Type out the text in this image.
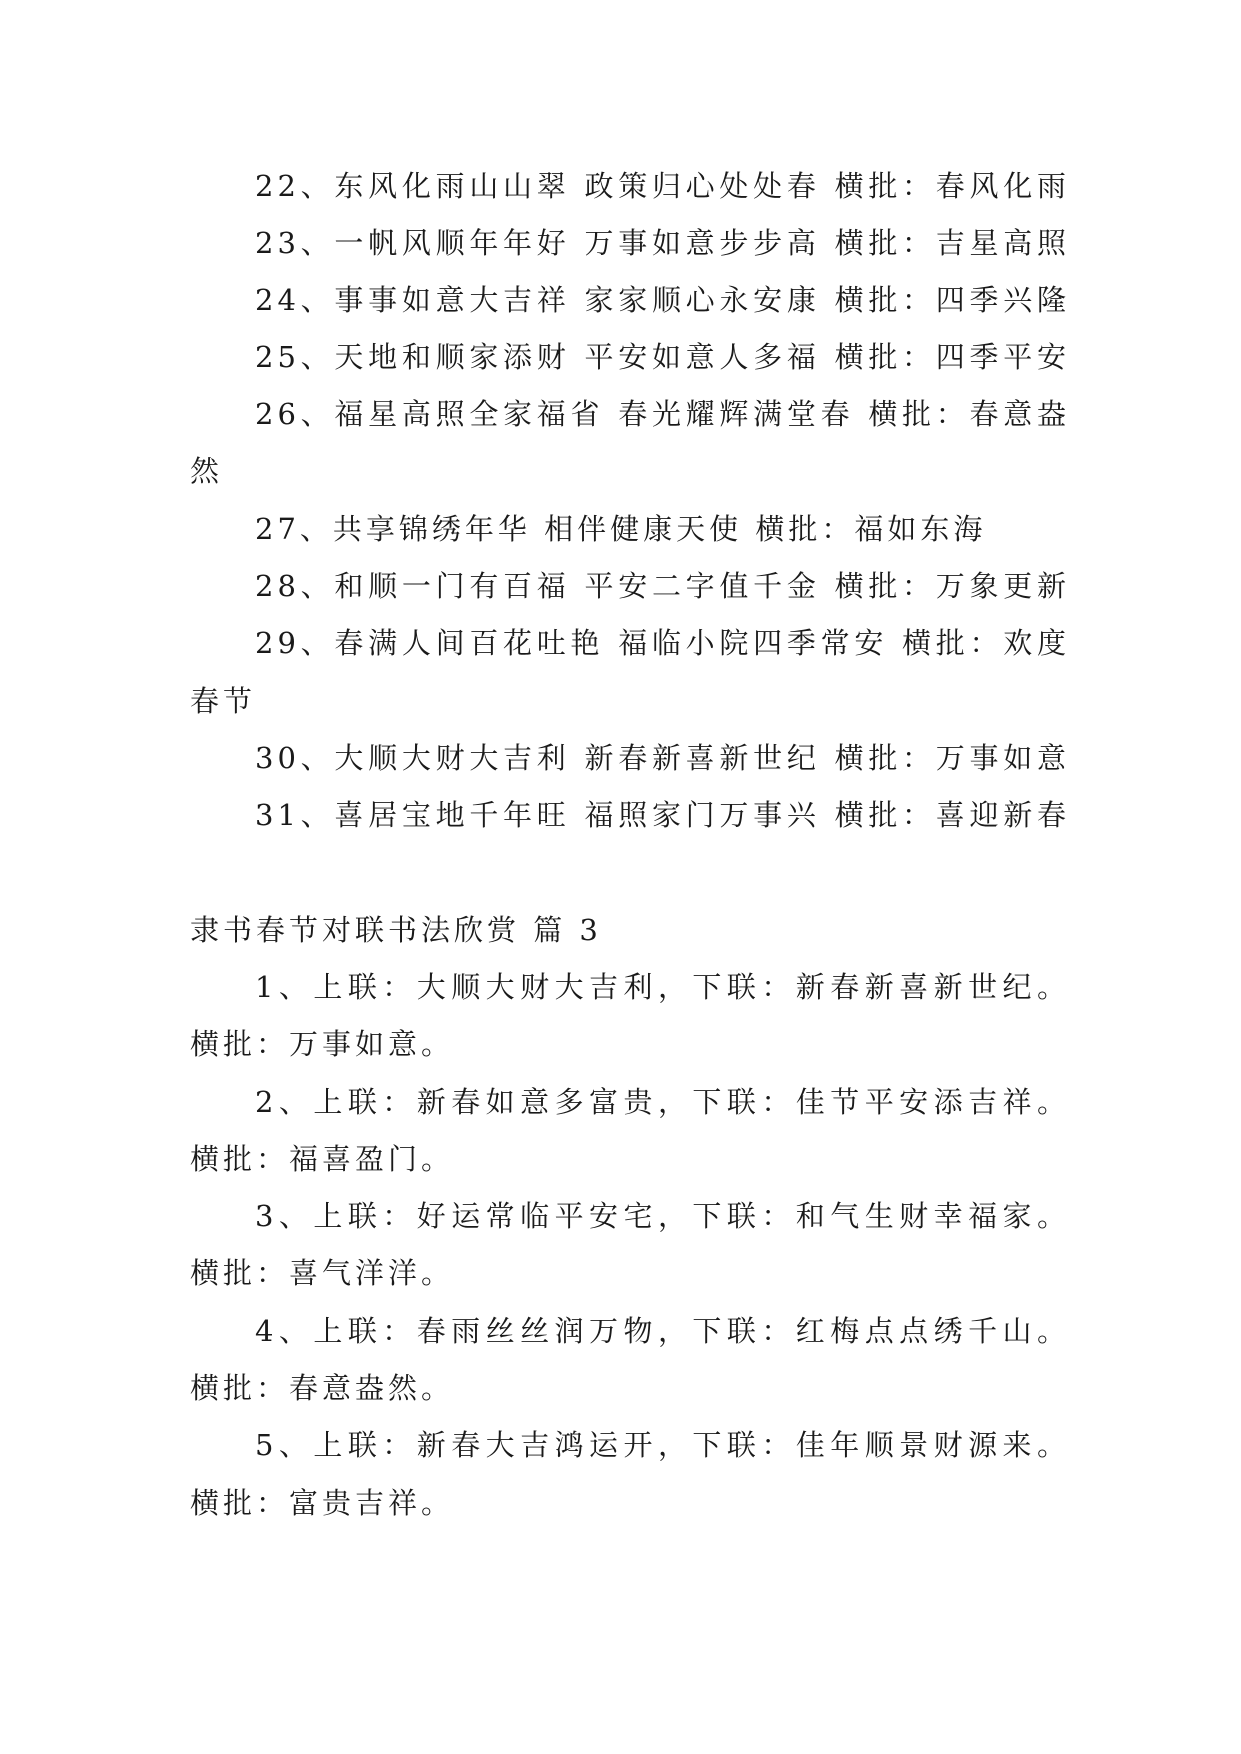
22、东风化雨山山翠 政策归心处处春 横批：春风化雨
23、一帆风顺年年好 万事如意步步高 横批：吉星高照
24、事事如意大吉祥 家家顺心永安康 横批：四季兴隆
25、天地和顺家添财 平安如意人多福 横批：四季平安
26、福星高照全家福省 春光耀辉满堂春 横批：春意盎
然
27、共享锦绣年华 相伴健康天使 横批：福如东海
28、和顺一门有百福 平安二字值千金 横批：万象更新
29、春满人间百花吐艳 福临小院四季常安 横批：欢度
春节
30、大顺大财大吉利 新春新喜新世纪 横批：万事如意
31、喜居宝地千年旺 福照家门万事兴 横批：喜迎新春
隶书春节对联书法欣赏 篇 3
1、上联：大顺大财大吉利，下联：新春新喜新世纪。
横批：万事如意。
2、上联：新春如意多富贵，下联：佳节平安添吉祥。
横批：福喜盈门。
3、上联：好运常临平安宅，下联：和气生财幸福家。
横批：喜气洋洋。
4、上联：春雨丝丝润万物，下联：红梅点点绣千山。
横批：春意盎然。
5、上联：新春大吉鸿运开，下联：佳年顺景财源来。
横批：富贵吉祥。
